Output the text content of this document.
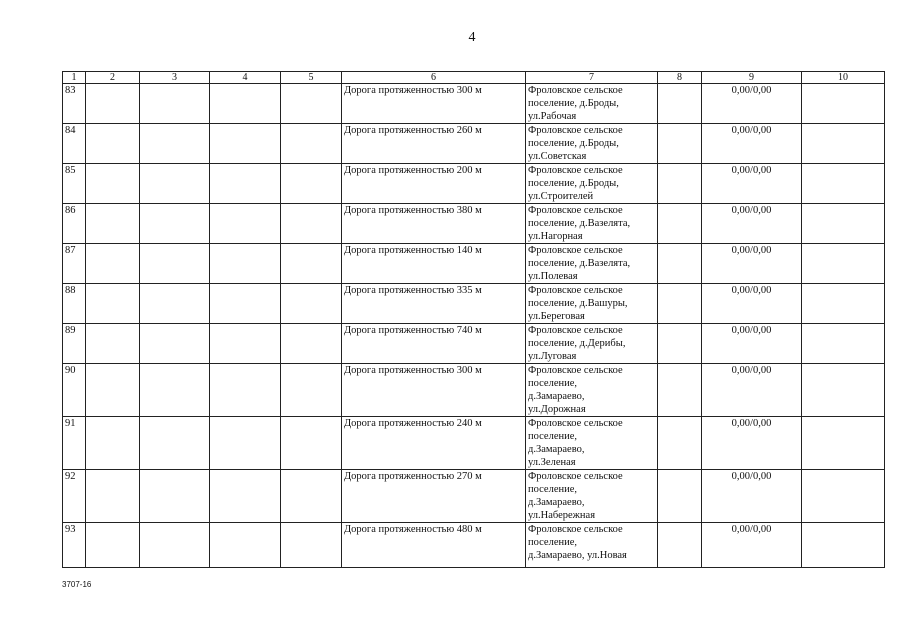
4
1	2	3	4	5	6	7	8	9	10
83					Дорога протяженностью 300 м	Фроловское сельское
поселение, д.Броды,
ул.Рабочая		0,00/0,00	
84					Дорога протяженностью 260 м	Фроловское сельское
поселение, д.Броды,
ул.Советская		0,00/0,00	
85					Дорога протяженностью 200 м	Фроловское сельское
поселение, д.Броды,
ул.Строителей		0,00/0,00	
86					Дорога протяженностью 380 м	Фроловское сельское
поселение, д.Вазелята,
ул.Нагорная		0,00/0,00	
87					Дорога протяженностью 140 м	Фроловское сельское
поселение, д.Вазелята,
ул.Полевая		0,00/0,00	
88					Дорога протяженностью 335 м	Фроловское сельское
поселение, д.Вашуры,
ул.Береговая		0,00/0,00	
89					Дорога протяженностью 740 м	Фроловское сельское
поселение, д.Дерибы,
ул.Луговая		0,00/0,00	
90					Дорога протяженностью 300 м	Фроловское сельское
поселение,
д.Замараево,
ул.Дорожная		0,00/0,00	
91					Дорога протяженностью 240 м	Фроловское сельское
поселение,
д.Замараево,
ул.Зеленая		0,00/0,00	
92					Дорога протяженностью 270 м	Фроловское сельское
поселение,
д.Замараево,
ул.Набережная		0,00/0,00	
93					Дорога протяженностью 480 м	Фроловское сельское
поселение,
д.Замараево, ул.Новая		0,00/0,00	
3707-16
